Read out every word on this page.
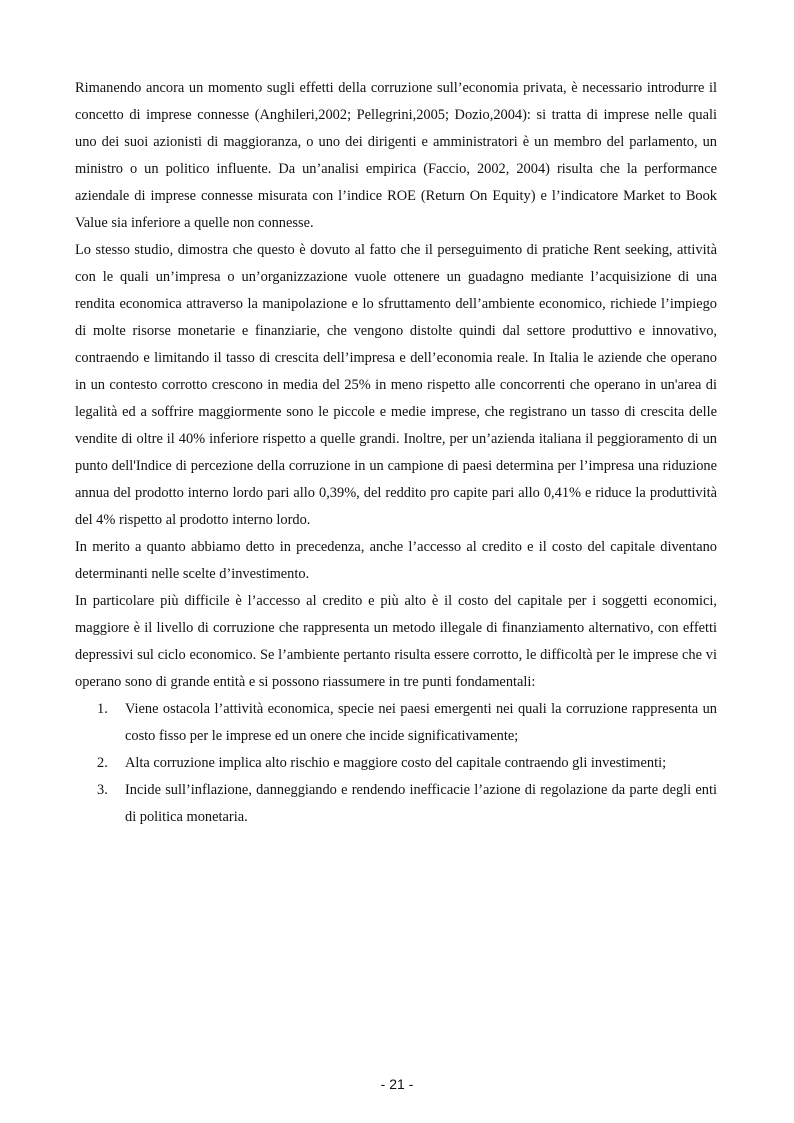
Rimanendo ancora un momento sugli effetti della corruzione sull’economia privata, è necessario introdurre il concetto di imprese connesse (Anghileri,2002; Pellegrini,2005; Dozio,2004): si tratta di imprese nelle quali uno dei suoi azionisti di maggioranza, o uno dei dirigenti e amministratori è un membro del parlamento, un ministro o un politico influente. Da un’analisi empirica (Faccio, 2002, 2004) risulta che la performance aziendale di imprese connesse misurata con l’indice ROE (Return On Equity) e l’indicatore Market to Book Value sia inferiore a quelle non connesse.

Lo stesso studio, dimostra che questo è dovuto al fatto che il perseguimento di pratiche Rent seeking, attività con le quali un’impresa o un’organizzazione vuole ottenere un guadagno mediante l’acquisizione di una rendita economica attraverso la manipolazione e lo sfruttamento dell’ambiente economico, richiede l’impiego di molte risorse monetarie e finanziarie, che vengono distolte quindi dal settore produttivo e innovativo, contraendo e limitando il tasso di crescita dell’impresa e dell’economia reale. In Italia le aziende che operano in un contesto corrotto crescono in media del 25% in meno rispetto alle concorrenti che operano in un'area di legalità ed a soffrire maggiormente sono le piccole e medie imprese, che registrano un tasso di crescita delle vendite di oltre il 40% inferiore rispetto a quelle grandi. Inoltre, per un’azienda italiana il peggioramento di un punto dell'Indice di percezione della corruzione in un campione di paesi determina per l’impresa una riduzione annua del prodotto interno lordo pari allo 0,39%, del reddito pro capite pari allo 0,41% e riduce la produttività del 4% rispetto al prodotto interno lordo.

In merito a quanto abbiamo detto in precedenza, anche l’accesso al credito e il costo del capitale diventano determinanti nelle scelte d’investimento.

In particolare più difficile è l’accesso al credito e più alto è il costo del capitale per i soggetti economici, maggiore è il livello di corruzione che rappresenta un metodo illegale di finanziamento alternativo, con effetti depressivi sul ciclo economico. Se l’ambiente pertanto risulta essere corrotto, le difficoltà per le imprese che vi operano sono di grande entità e si possono riassumere in tre punti fondamentali:

1.	Viene ostacola l’attività economica, specie nei paesi emergenti nei quali la corruzione rappresenta un costo fisso per le imprese ed un onere che incide significativamente;
2.	Alta corruzione implica alto rischio e maggiore costo del capitale contraendo gli investimenti;
3.	Incide sull’inflazione, danneggiando e rendendo inefficacie l’azione di regolazione da parte degli enti di politica monetaria.
- 21 -
